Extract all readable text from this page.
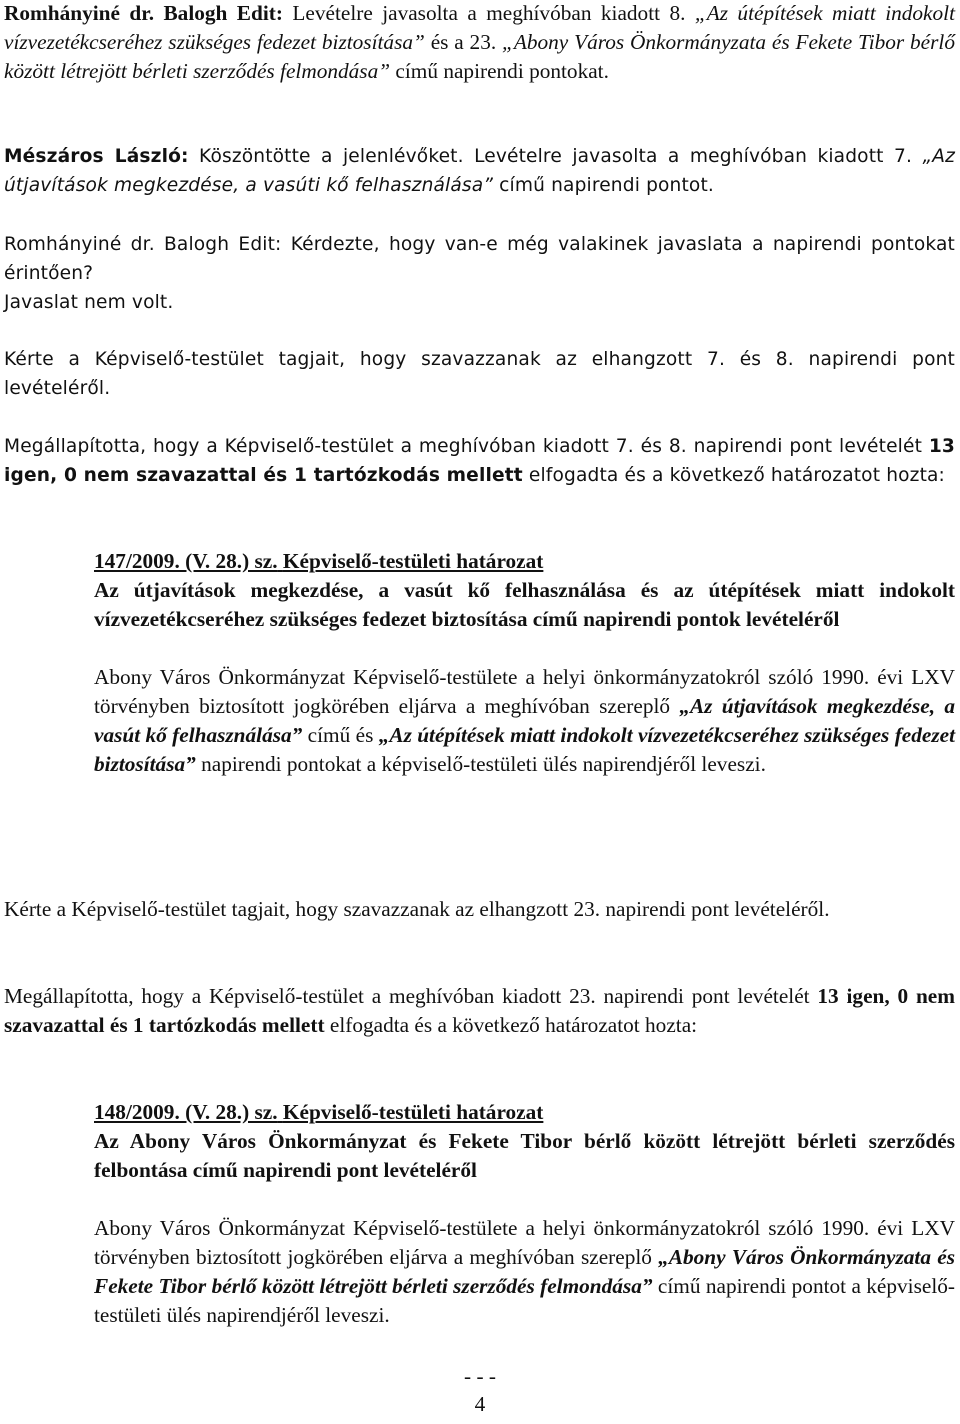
Romhányiné dr. Balogh Edit: Levételre javasolta a meghívóban kiadott 8. „Az útépítések miatt indokolt vízvezetékcseréhez szükséges fedezet biztosítása” és a 23. „Abony Város Önkormányzata és Fekete Tibor bérlő között létrejött bérleti szerződés felmondása” című napirendi pontokat.

Mészáros László: Köszöntötte a jelenlévőket. Levételre javasolta a meghívóban kiadott 7. „Az útjavítások megkezdése, a vasúti kő felhasználása” című napirendi pontot.

Romhányiné dr. Balogh Edit: Kérdezte, hogy van-e még valakinek javaslata a napirendi pontokat érintően?
Javaslat nem volt.

Kérte a Képviselő-testület tagjait, hogy szavazzanak az elhangzott 7. és 8. napirendi pont levételéről.

Megállapította, hogy a Képviselő-testület a meghívóban kiadott 7. és 8. napirendi pont levételét 13 igen, 0 nem szavazattal és 1 tartózkodás mellett elfogadta és a következő határozatot hozta:

147/2009. (V. 28.) sz. Képviselő-testületi határozat

Az útjavítások megkezdése, a vasút kő felhasználása és az útépítések miatt indokolt vízvezetékcseréhez szükséges fedezet biztosítása című napirendi pontok levételéről

Abony Város Önkormányzat Képviselő-testülete a helyi önkormányzatokról szóló 1990. évi LXV törvényben biztosított jogkörében eljárva a meghívóban szereplő „Az útjavítások megkezdése, a vasút kő felhasználása” című és „Az útépítések miatt indokolt vízvezetékcseréhez szükséges fedezet biztosítása” napirendi pontokat a képviselő-testületi ülés napirendjéről leveszi.

Kérte a Képviselő-testület tagjait, hogy szavazzanak az elhangzott 23. napirendi pont levételéről.

Megállapította, hogy a Képviselő-testület a meghívóban kiadott 23. napirendi pont levételét 13 igen, 0 nem szavazattal és 1 tartózkodás mellett elfogadta és a következő határozatot hozta:

148/2009. (V. 28.) sz. Képviselő-testületi határozat

Az Abony Város Önkormányzat és Fekete Tibor bérlő között létrejött bérleti szerződés felbontása című napirendi pont levételéről

Abony Város Önkormányzat Képviselő-testülete a helyi önkormányzatokról szóló 1990. évi LXV törvényben biztosított jogkörében eljárva a meghívóban szereplő „Abony Város Önkormányzata és Fekete Tibor bérlő között létrejött bérleti szerződés felmondása” című napirendi pontot a képviselő-testületi ülés napirendjéről leveszi.

- - -
4
